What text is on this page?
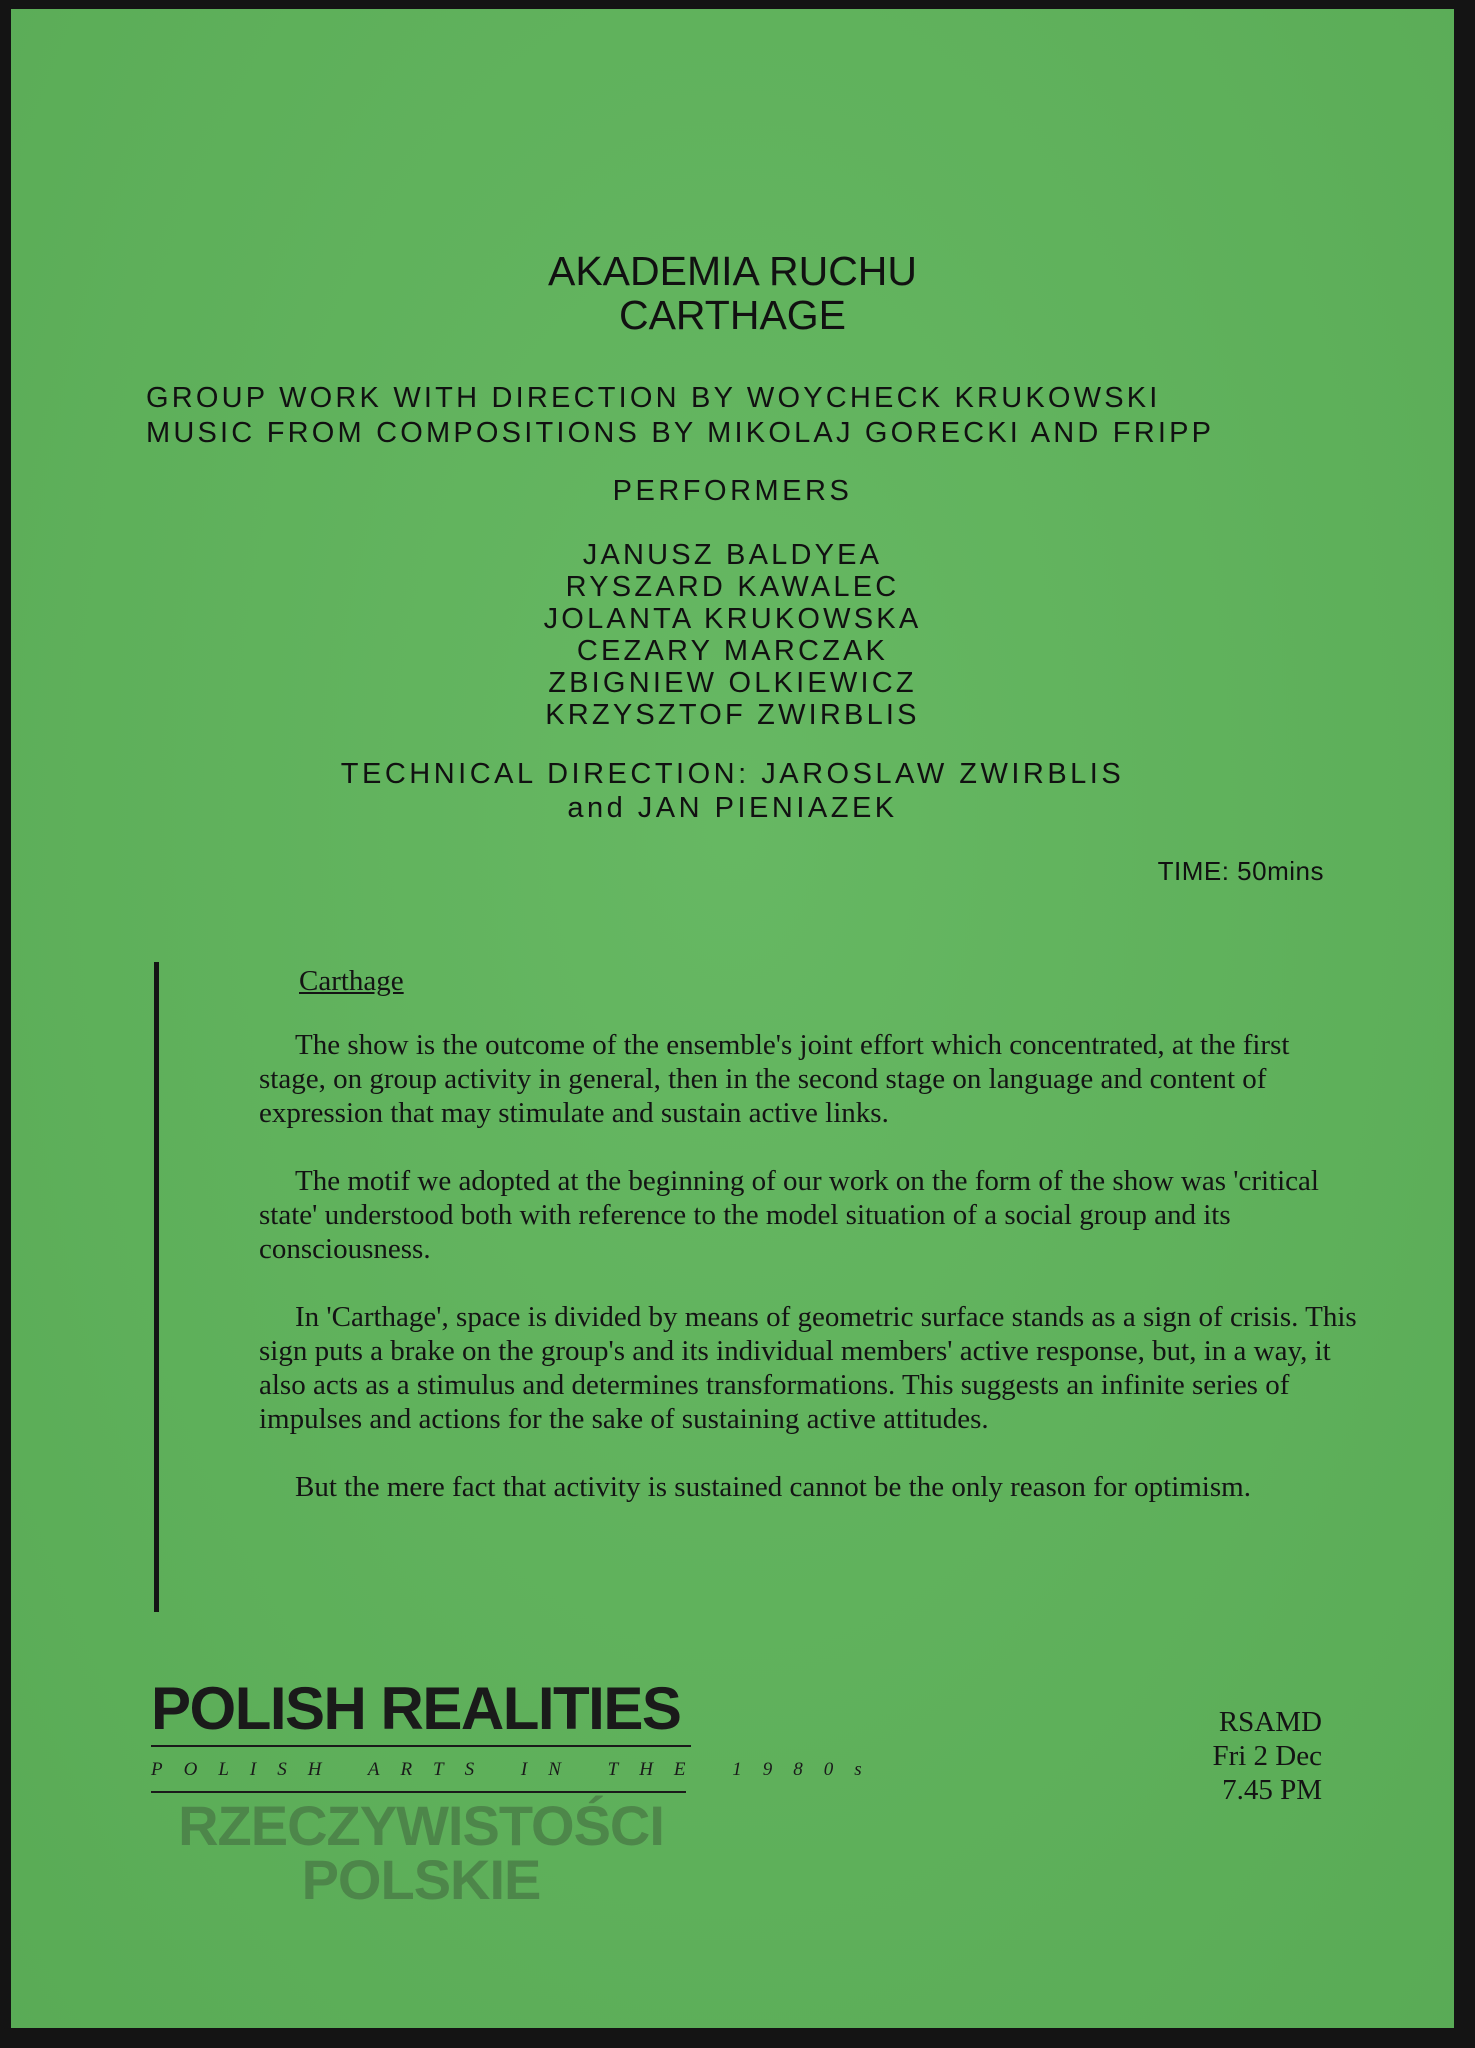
AKADEMIA RUCHU
CARTHAGE
GROUP WORK WITH DIRECTION BY WOYCHECK KRUKOWSKI
MUSIC FROM COMPOSITIONS BY MIKOLAJ GORECKI AND FRIPP
PERFORMERS
JANUSZ BALDYEA
RYSZARD KAWALEC
JOLANTA KRUKOWSKA
CEZARY MARCZAK
ZBIGNIEW OLKIEWICZ
KRZYSZTOF ZWIRBLIS
TECHNICAL DIRECTION: JAROSLAW ZWIRBLIS
and JAN PIENIAZEK
TIME: 50mins
Carthage

The show is the outcome of the ensemble's joint effort which concentrated, at the first stage, on group activity in general, then in the second stage on language and content of expression that may stimulate and sustain active links.

The motif we adopted at the beginning of our work on the form of the show was 'critical state' understood both with reference to the model situation of a social group and its consciousness.

In 'Carthage', space is divided by means of geometric surface stands as a sign of crisis. This sign puts a brake on the group's and its individual members' active response, but, in a way, it also acts as a stimulus and determines transformations. This suggests an infinite series of impulses and actions for the sake of sustaining active attitudes.

But the mere fact that activity is sustained cannot be the only reason for optimism.

POLISH REALITIES
POLISH ARTS IN THE 1980s
RZECZYWISTOŚCI
POLSKIE
RSAMD
Fri 2 Dec
7.45 PM
